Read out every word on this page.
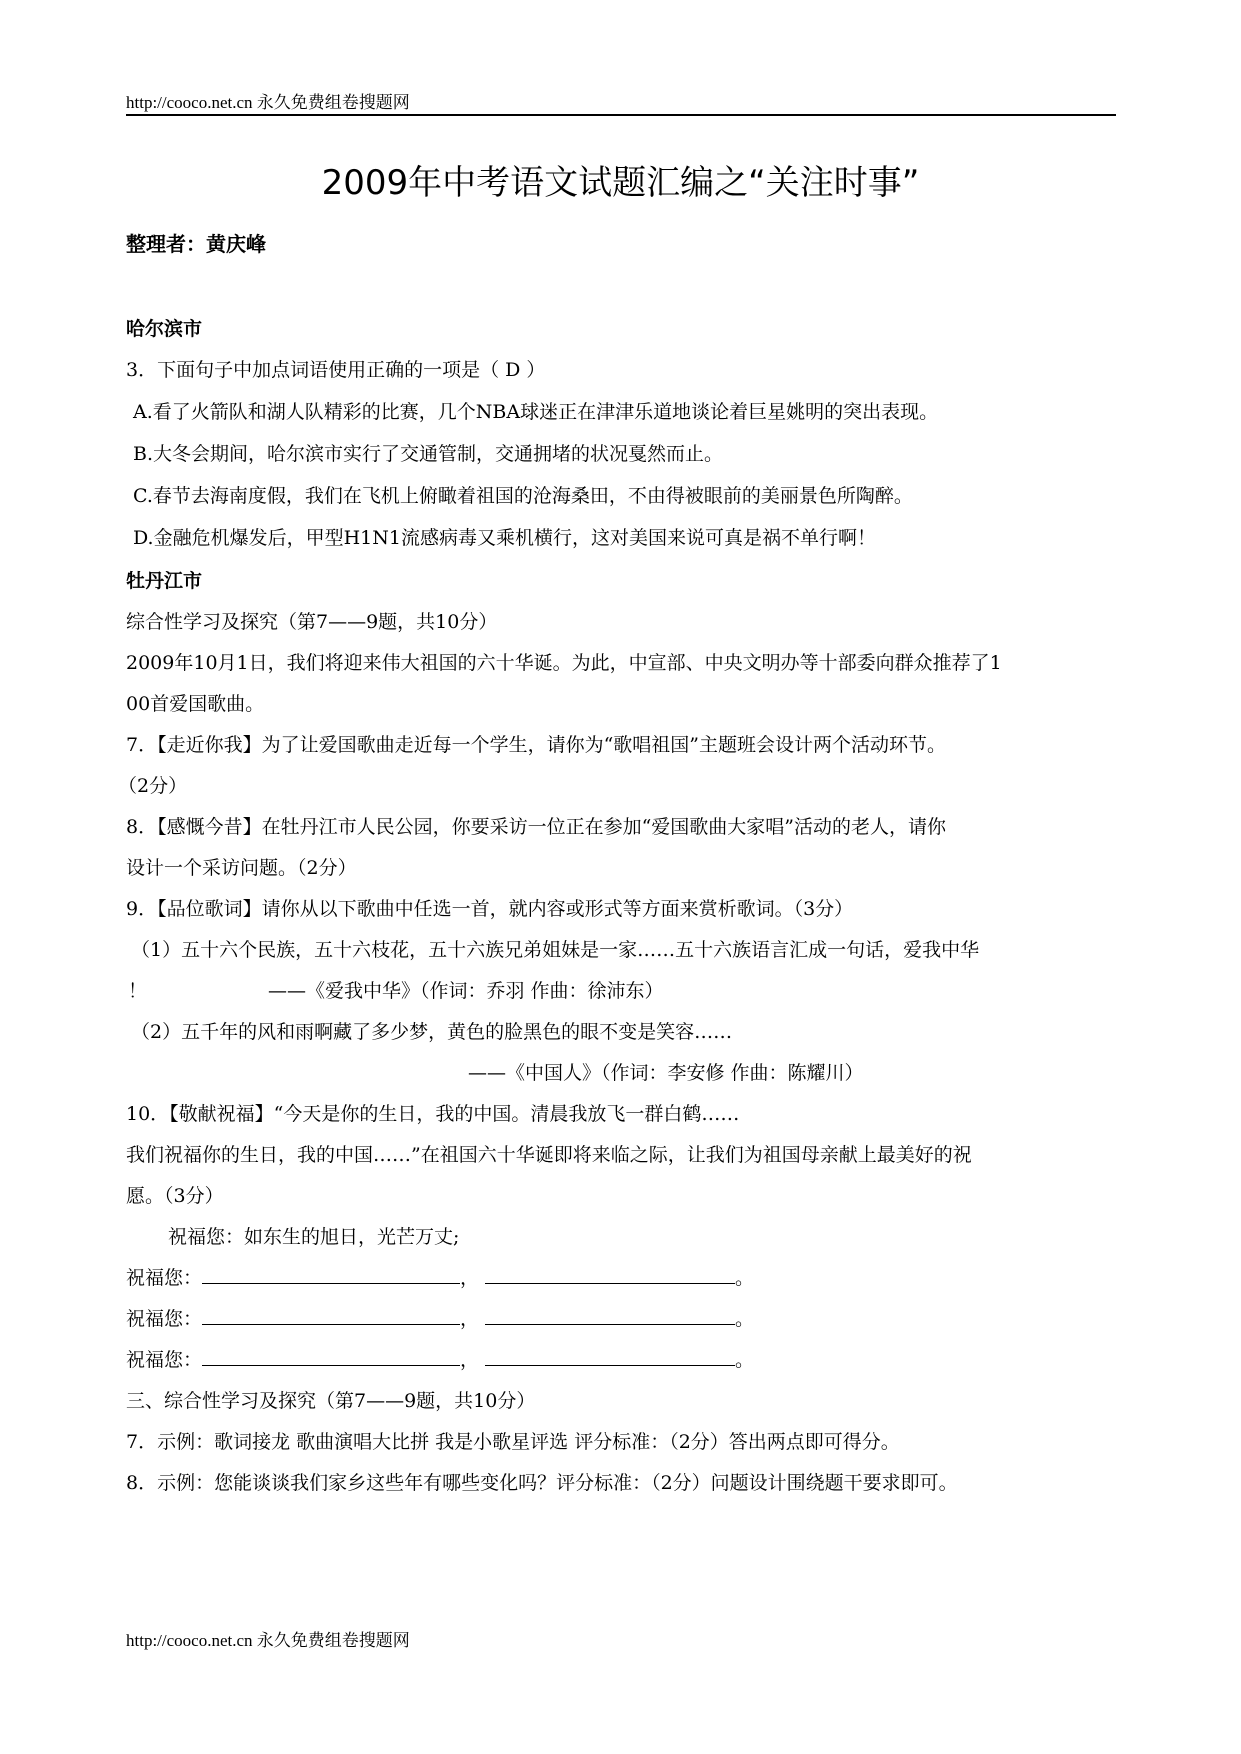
http://cooco.net.cn 永久免费组卷搜题网
2009年中考语文试题汇编之“关注时事”
整理者：黄庆峰
哈尔滨市
3．下面句子中加点词语使用正确的一项是（ D ）
A.看了火箭队和湖人队精彩的比赛，几个NBA球迷正在津津乐道地谈论着巨星姚明的突出表现。
B.大冬会期间，哈尔滨市实行了交通管制，交通拥堵的状况戛然而止。
C.春节去海南度假，我们在飞机上俯瞰着祖国的沧海桑田，不由得被眼前的美丽景色所陶醉。
D.金融危机爆发后，甲型H1N1流感病毒又乘机横行，这对美国来说可真是祸不单行啊！
牡丹江市
综合性学习及探究（第7——9题，共10分）
2009年10月1日，我们将迎来伟大祖国的六十华诞。为此，中宣部、中央文明办等十部委向群众推荐了1
00首爱国歌曲。
7．【走近你我】为了让爱国歌曲走近每一个学生，请你为“歌唱祖国”主题班会设计两个活动环节。
（2分）
8．【感慨今昔】在牡丹江市人民公园，你要采访一位正在参加“爱国歌曲大家唱”活动的老人，请你
设计一个采访问题。（2分）
9．【品位歌词】请你从以下歌曲中任选一首，就内容或形式等方面来赏析歌词。（3分）
（1）五十六个民族，五十六枝花，五十六族兄弟姐妹是一家……五十六族语言汇成一句话，爱我中华
！	——《爱我中华》（作词：乔羽 作曲：徐沛东）
（2）五千年的风和雨啊藏了多少梦，黄色的脸黑色的眼不变是笑容……
——《中国人》（作词：李安修 作曲：陈耀川）
10．【敬献祝福】“今天是你的生日，我的中国。清晨我放飞一群白鹤……
我们祝福你的生日，我的中国……”在祖国六十华诞即将来临之际，让我们为祖国母亲献上最美好的祝
愿。（3分）
祝福您：如东生的旭日，光芒万丈;
祝福您：	，	。
祝福您：	，	。
祝福您：	，	。
三、综合性学习及探究（第7——9题，共10分）
7．示例：歌词接龙 歌曲演唱大比拼 我是小歌星评选 评分标准：（2分）答出两点即可得分。
8．示例：您能谈谈我们家乡这些年有哪些变化吗？评分标准：（2分）问题设计围绕题干要求即可。
http://cooco.net.cn 永久免费组卷搜题网
